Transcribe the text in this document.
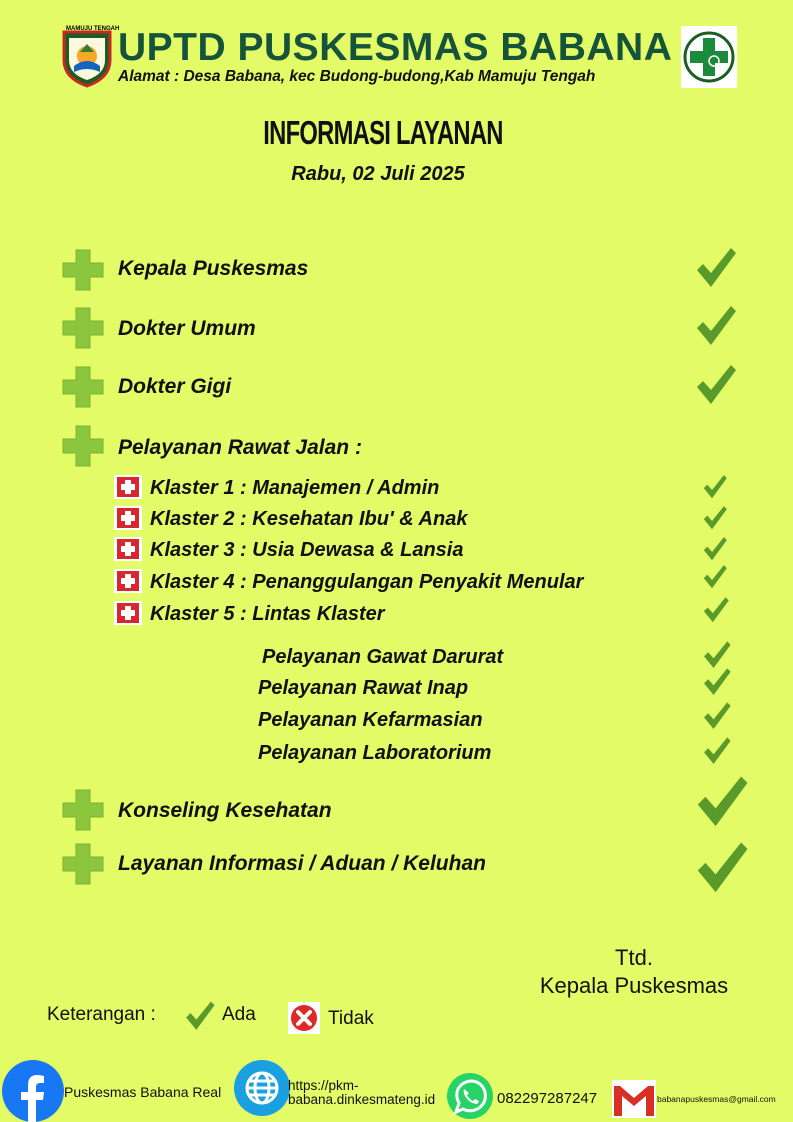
MAMUJU TENGAH
UPTD PUSKESMAS BABANA
Alamat : Desa Babana, kec Budong-budong,Kab Mamuju Tengah
INFORMASI LAYANAN
Rabu, 02 Juli 2025
Kepala Puskesmas
Dokter Umum
Dokter Gigi
Pelayanan Rawat Jalan :
Klaster 1 : Manajemen / Admin
Klaster 2 : Kesehatan Ibu' & Anak
Klaster 3 : Usia Dewasa & Lansia
Klaster 4 : Penanggulangan Penyakit Menular
Klaster 5 : Lintas Klaster
Pelayanan Gawat Darurat
Pelayanan Rawat Inap
Pelayanan Kefarmasian
Pelayanan Laboratorium
Konseling Kesehatan
Layanan Informasi / Aduan / Keluhan
Ttd.
Kepala Puskesmas
Keterangan :	Ada	Tidak
Puskesmas Babana Real	https://pkm-
babana.dinkesmateng.id	082297287247	babanapuskesmas@gmail.com
